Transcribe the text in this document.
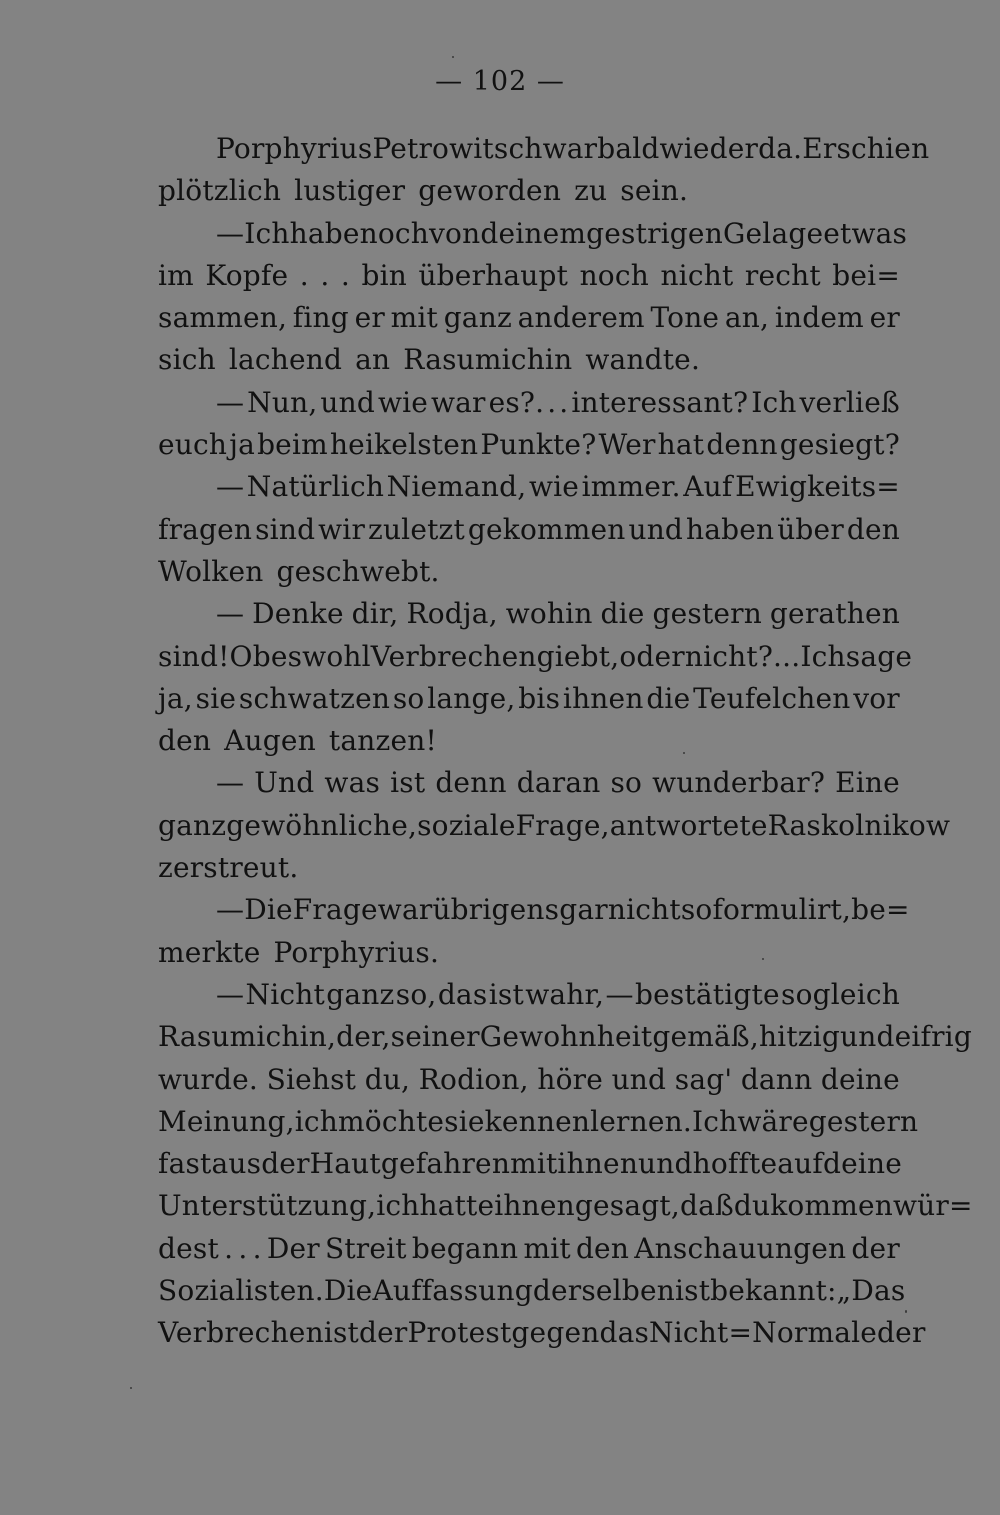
— 102 —
Porphyrius Petrowitsch war bald wieder da. Er schien
plötzlich lustiger geworden zu sein.
— Ich habe noch von deinem gestrigen Gelage etwas
im Kopfe . . . bin überhaupt noch nicht recht bei=
sammen, fing er mit ganz anderem Tone an, indem er
sich lachend an Rasumichin wandte.
— Nun, und wie war es?. . . interessant? Ich verließ
euch ja beim heikelsten Punkte? Wer hat denn gesiegt?
— Natürlich Niemand, wie immer. Auf Ewigkeits=
fragen sind wir zuletzt gekommen und haben über den
Wolken geschwebt.
— Denke dir, Rodja, wohin die gestern gerathen
sind! Ob es wohl Verbrechen giebt, oder nicht?. . . Ich sage
ja, sie schwatzen so lange, bis ihnen die Teufelchen vor
den Augen tanzen!
— Und was ist denn daran so wunderbar? Eine
ganz gewöhnliche, soziale Frage, antwortete Raskolnikow
zerstreut.
— Die Frage war übrigens gar nicht so formulirt, be=
merkte Porphyrius.
— Nicht ganz so, das ist wahr, — bestätigte sogleich
Rasumichin, der, seiner Gewohnheit gemäß, hitzig und eifrig
wurde. Siehst du, Rodion, höre und sag' dann deine
Meinung, ich möchte sie kennen lernen. Ich wäre gestern
fast aus der Haut gefahren mit ihnen und hoffte auf deine
Unterstützung, ich hatte ihnen gesagt, daß du kommen wür=
dest . . . Der Streit begann mit den Anschauungen der
Sozialisten. Die Auffassung derselben ist bekannt: „Das
Verbrechen ist der Protest gegen das Nicht=Normale der
